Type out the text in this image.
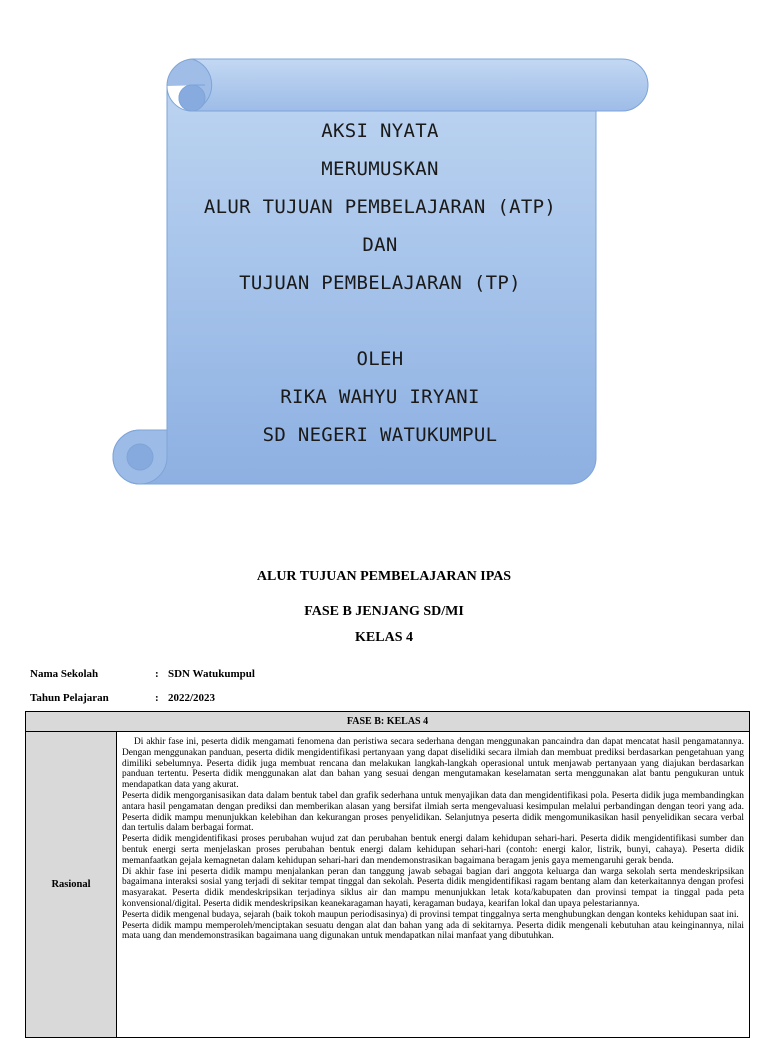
AKSI NYATA
MERUMUSKAN
ALUR TUJUAN PEMBELAJARAN (ATP)
DAN
TUJUAN PEMBELAJARAN (TP)
OLEH
RIKA WAHYU IRYANI
SD NEGERI WATUKUMPUL
ALUR TUJUAN PEMBELAJARAN IPAS
FASE B JENJANG SD/MI
KELAS 4
Nama Sekolah	: SDN Watukumpul
Tahun Pelajaran	: 2022/2023
FASE B: KELAS 4
Rasional	

Di akhir fase ini, peserta didik mengamati fenomena dan peristiwa secara sederhana dengan menggunakan pancaindra dan dapat mencatat hasil pengamatannya. Dengan menggunakan panduan, peserta didik mengidentifikasi pertanyaan yang dapat diselidiki secara ilmiah dan membuat prediksi berdasarkan pengetahuan yang dimiliki sebelumnya. Peserta didik juga membuat rencana dan melakukan langkah-langkah operasional untuk menjawab pertanyaan yang diajukan berdasarkan panduan tertentu. Peserta didik menggunakan alat dan bahan yang sesuai dengan mengutamakan keselamatan serta menggunakan alat bantu pengukuran untuk mendapatkan data yang akurat.

Peserta didik mengorganisasikan data dalam bentuk tabel dan grafik sederhana untuk menyajikan data dan mengidentifikasi pola. Peserta didik juga membandingkan antara hasil pengamatan dengan prediksi dan memberikan alasan yang bersifat ilmiah serta mengevaluasi kesimpulan melalui perbandingan dengan teori yang ada. Peserta didik mampu menunjukkan kelebihan dan kekurangan proses penyelidikan. Selanjutnya peserta didik mengomunikasikan hasil penyelidikan secara verbal dan tertulis dalam berbagai format.

Peserta didik mengidentifikasi proses perubahan wujud zat dan perubahan bentuk energi dalam kehidupan sehari-hari. Peserta didik mengidentifikasi sumber dan bentuk energi serta menjelaskan proses perubahan bentuk energi dalam kehidupan sehari-hari (contoh: energi kalor, listrik, bunyi, cahaya). Peserta didik memanfaatkan gejala kemagnetan dalam kehidupan sehari-hari dan mendemonstrasikan bagaimana beragam jenis gaya memengaruhi gerak benda.

Di akhir fase ini peserta didik mampu menjalankan peran dan tanggung jawab sebagai bagian dari anggota keluarga dan warga sekolah serta mendeskripsikan bagaimana interaksi sosial yang terjadi di sekitar tempat tinggal dan sekolah. Peserta didik mengidentifikasi ragam bentang alam dan keterkaitannya dengan profesi masyarakat. Peserta didik mendeskripsikan terjadinya siklus air dan mampu menunjukkan letak kota/kabupaten dan provinsi tempat ia tinggal pada peta konvensional/digital. Peserta didik mendeskripsikan keanekaragaman hayati, keragaman budaya, kearifan lokal dan upaya pelestariannya.

Peserta didik mengenal budaya, sejarah (baik tokoh maupun periodisasinya) di provinsi tempat tinggalnya serta menghubungkan dengan konteks kehidupan saat ini.

Peserta didik mampu memperoleh/menciptakan sesuatu dengan alat dan bahan yang ada di sekitarnya. Peserta didik mengenali kebutuhan atau keinginannya, nilai mata uang dan mendemonstrasikan bagaimana uang digunakan untuk mendapatkan nilai manfaat yang dibutuhkan.
